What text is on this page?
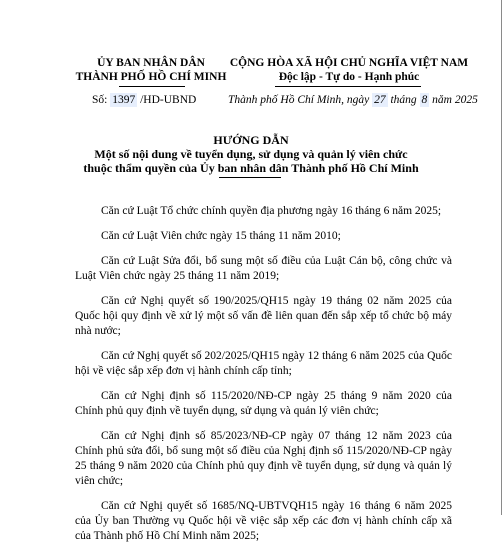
ỦY BAN NHÂN DÂN
THÀNH PHỐ HỒ CHÍ MINH
CỘNG HÒA XÃ HỘI CHỦ NGHĨA VIỆT NAM
Độc lập - Tự do - Hạnh phúc
Số: 1397 /HD-UBND	Thành phố Hồ Chí Minh, ngày 27 tháng 8 năm 2025
HƯỚNG DẪN
Một số nội dung về tuyển dụng, sử dụng và quản lý viên chức
thuộc thẩm quyền của Ủy ban nhân dân Thành phố Hồ Chí Minh

Căn cứ Luật Tổ chức chính quyền địa phương ngày 16 tháng 6 năm 2025;

Căn cứ Luật Viên chức ngày 15 tháng 11 năm 2010;

Căn cứ Luật Sửa đổi, bổ sung một số điều của Luật Cán bộ, công chức và Luật Viên chức ngày 25 tháng 11 năm 2019;

Căn cứ Nghị quyết số 190/2025/QH15 ngày 19 tháng 02 năm 2025 của Quốc hội quy định về xử lý một số vấn đề liên quan đến sắp xếp tổ chức bộ máy nhà nước;

Căn cứ Nghị quyết số 202/2025/QH15 ngày 12 tháng 6 năm 2025 của Quốc hội về việc sắp xếp đơn vị hành chính cấp tỉnh;

Căn cứ Nghị định số 115/2020/NĐ-CP ngày 25 tháng 9 năm 2020 của Chính phủ quy định về tuyển dụng, sử dụng và quản lý viên chức;

Căn cứ Nghị định số 85/2023/NĐ-CP ngày 07 tháng 12 năm 2023 của Chính phủ sửa đổi, bổ sung một số điều của Nghị định số 115/2020/NĐ-CP ngày 25 tháng 9 năm 2020 của Chính phủ quy định về tuyển dụng, sử dụng và quản lý viên chức;

Căn cứ Nghị quyết số 1685/NQ-UBTVQH15 ngày 16 tháng 6 năm 2025 của Ủy ban Thường vụ Quốc hội về việc sắp xếp các đơn vị hành chính cấp xã của Thành phố Hồ Chí Minh năm 2025;
